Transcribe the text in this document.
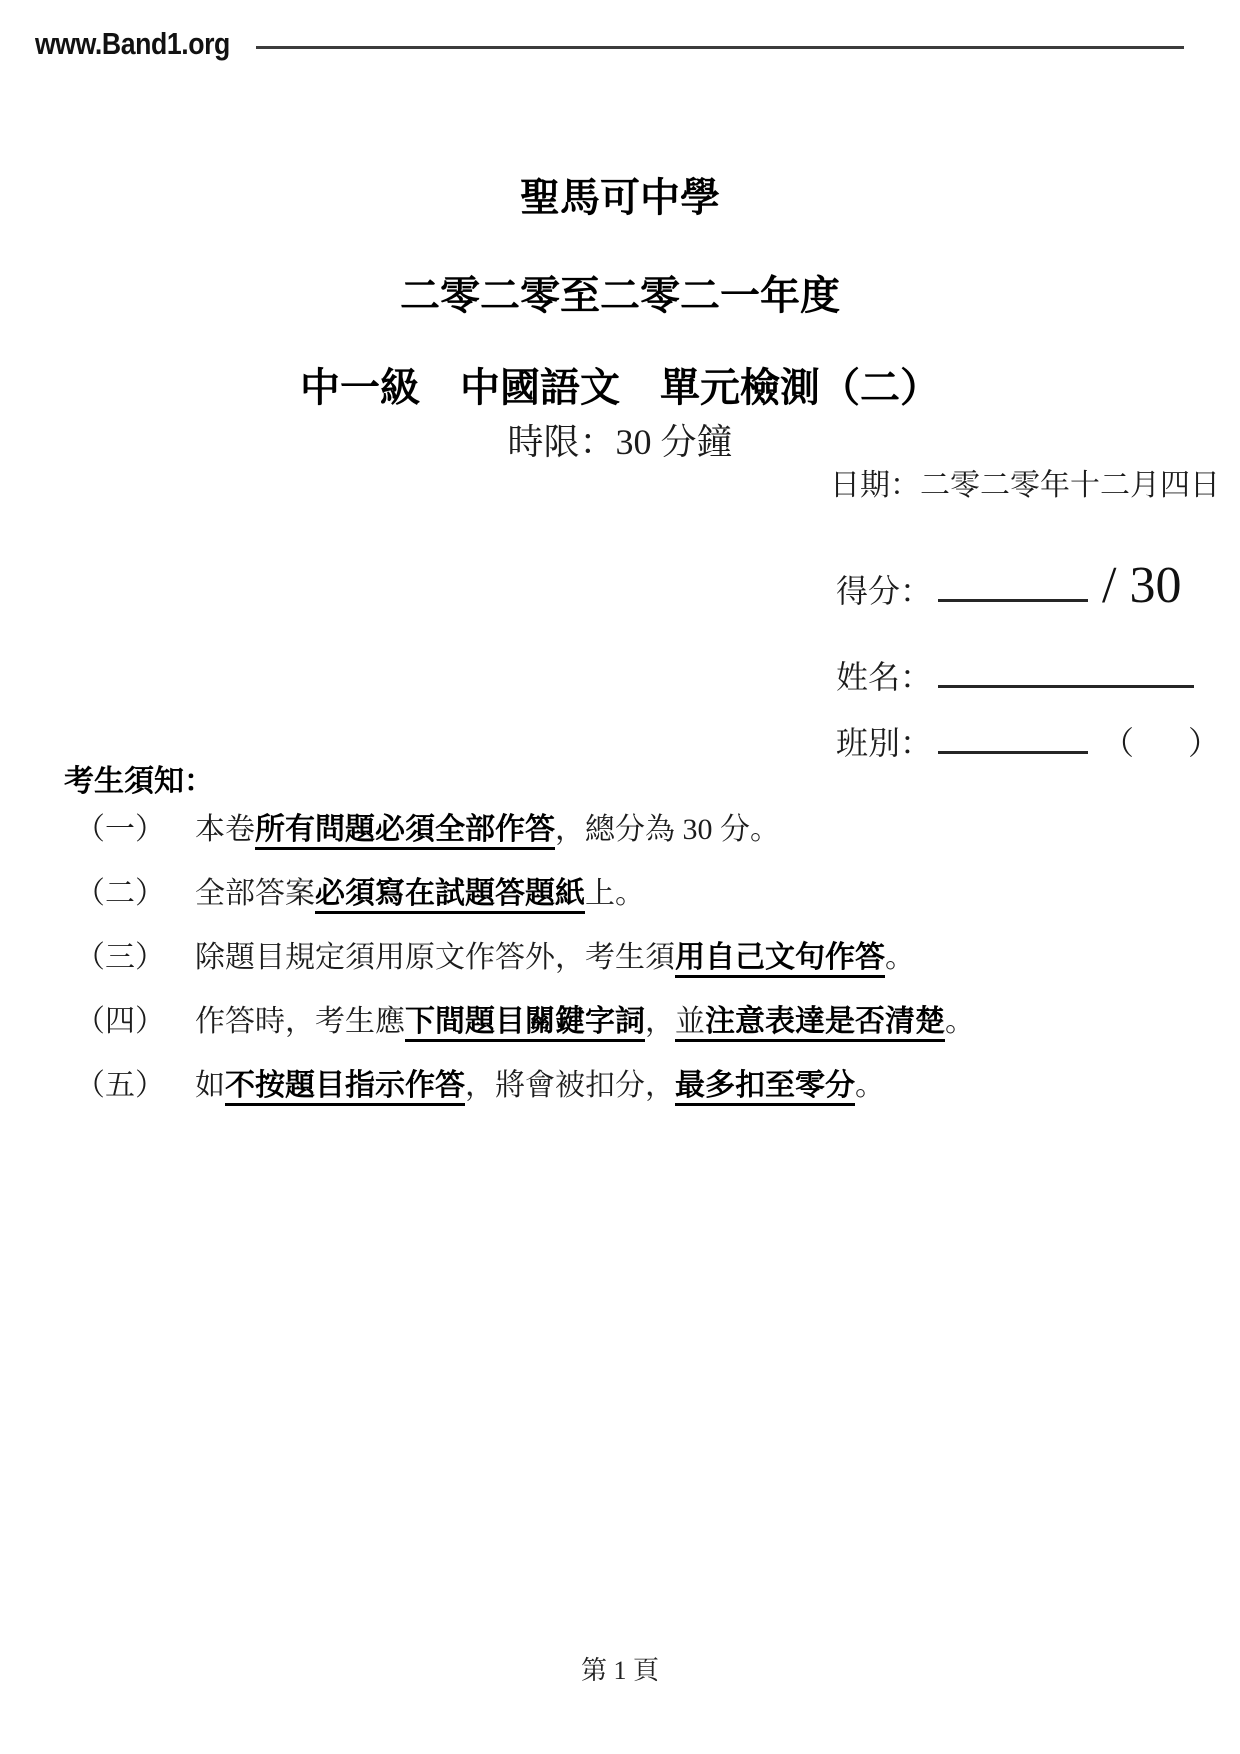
www.Band1.org
聖馬可中學
二零二零至二零二一年度
中一級　中國語文　單元檢測（二）
時限：30 分鐘
日期：二零二零年十二月四日
得分：	/ 30
姓名：
班別：	（ ）
考生須知：
（一）	本卷所有問題必須全部作答，總分為 30 分。
（二）	全部答案必須寫在試題答題紙上。
（三）	除題目規定須用原文作答外，考生須用自己文句作答。
（四）	作答時，考生應下間題目關鍵字詞，並注意表達是否清楚。
（五）	如不按題目指示作答，將會被扣分，最多扣至零分。
第 1 頁
